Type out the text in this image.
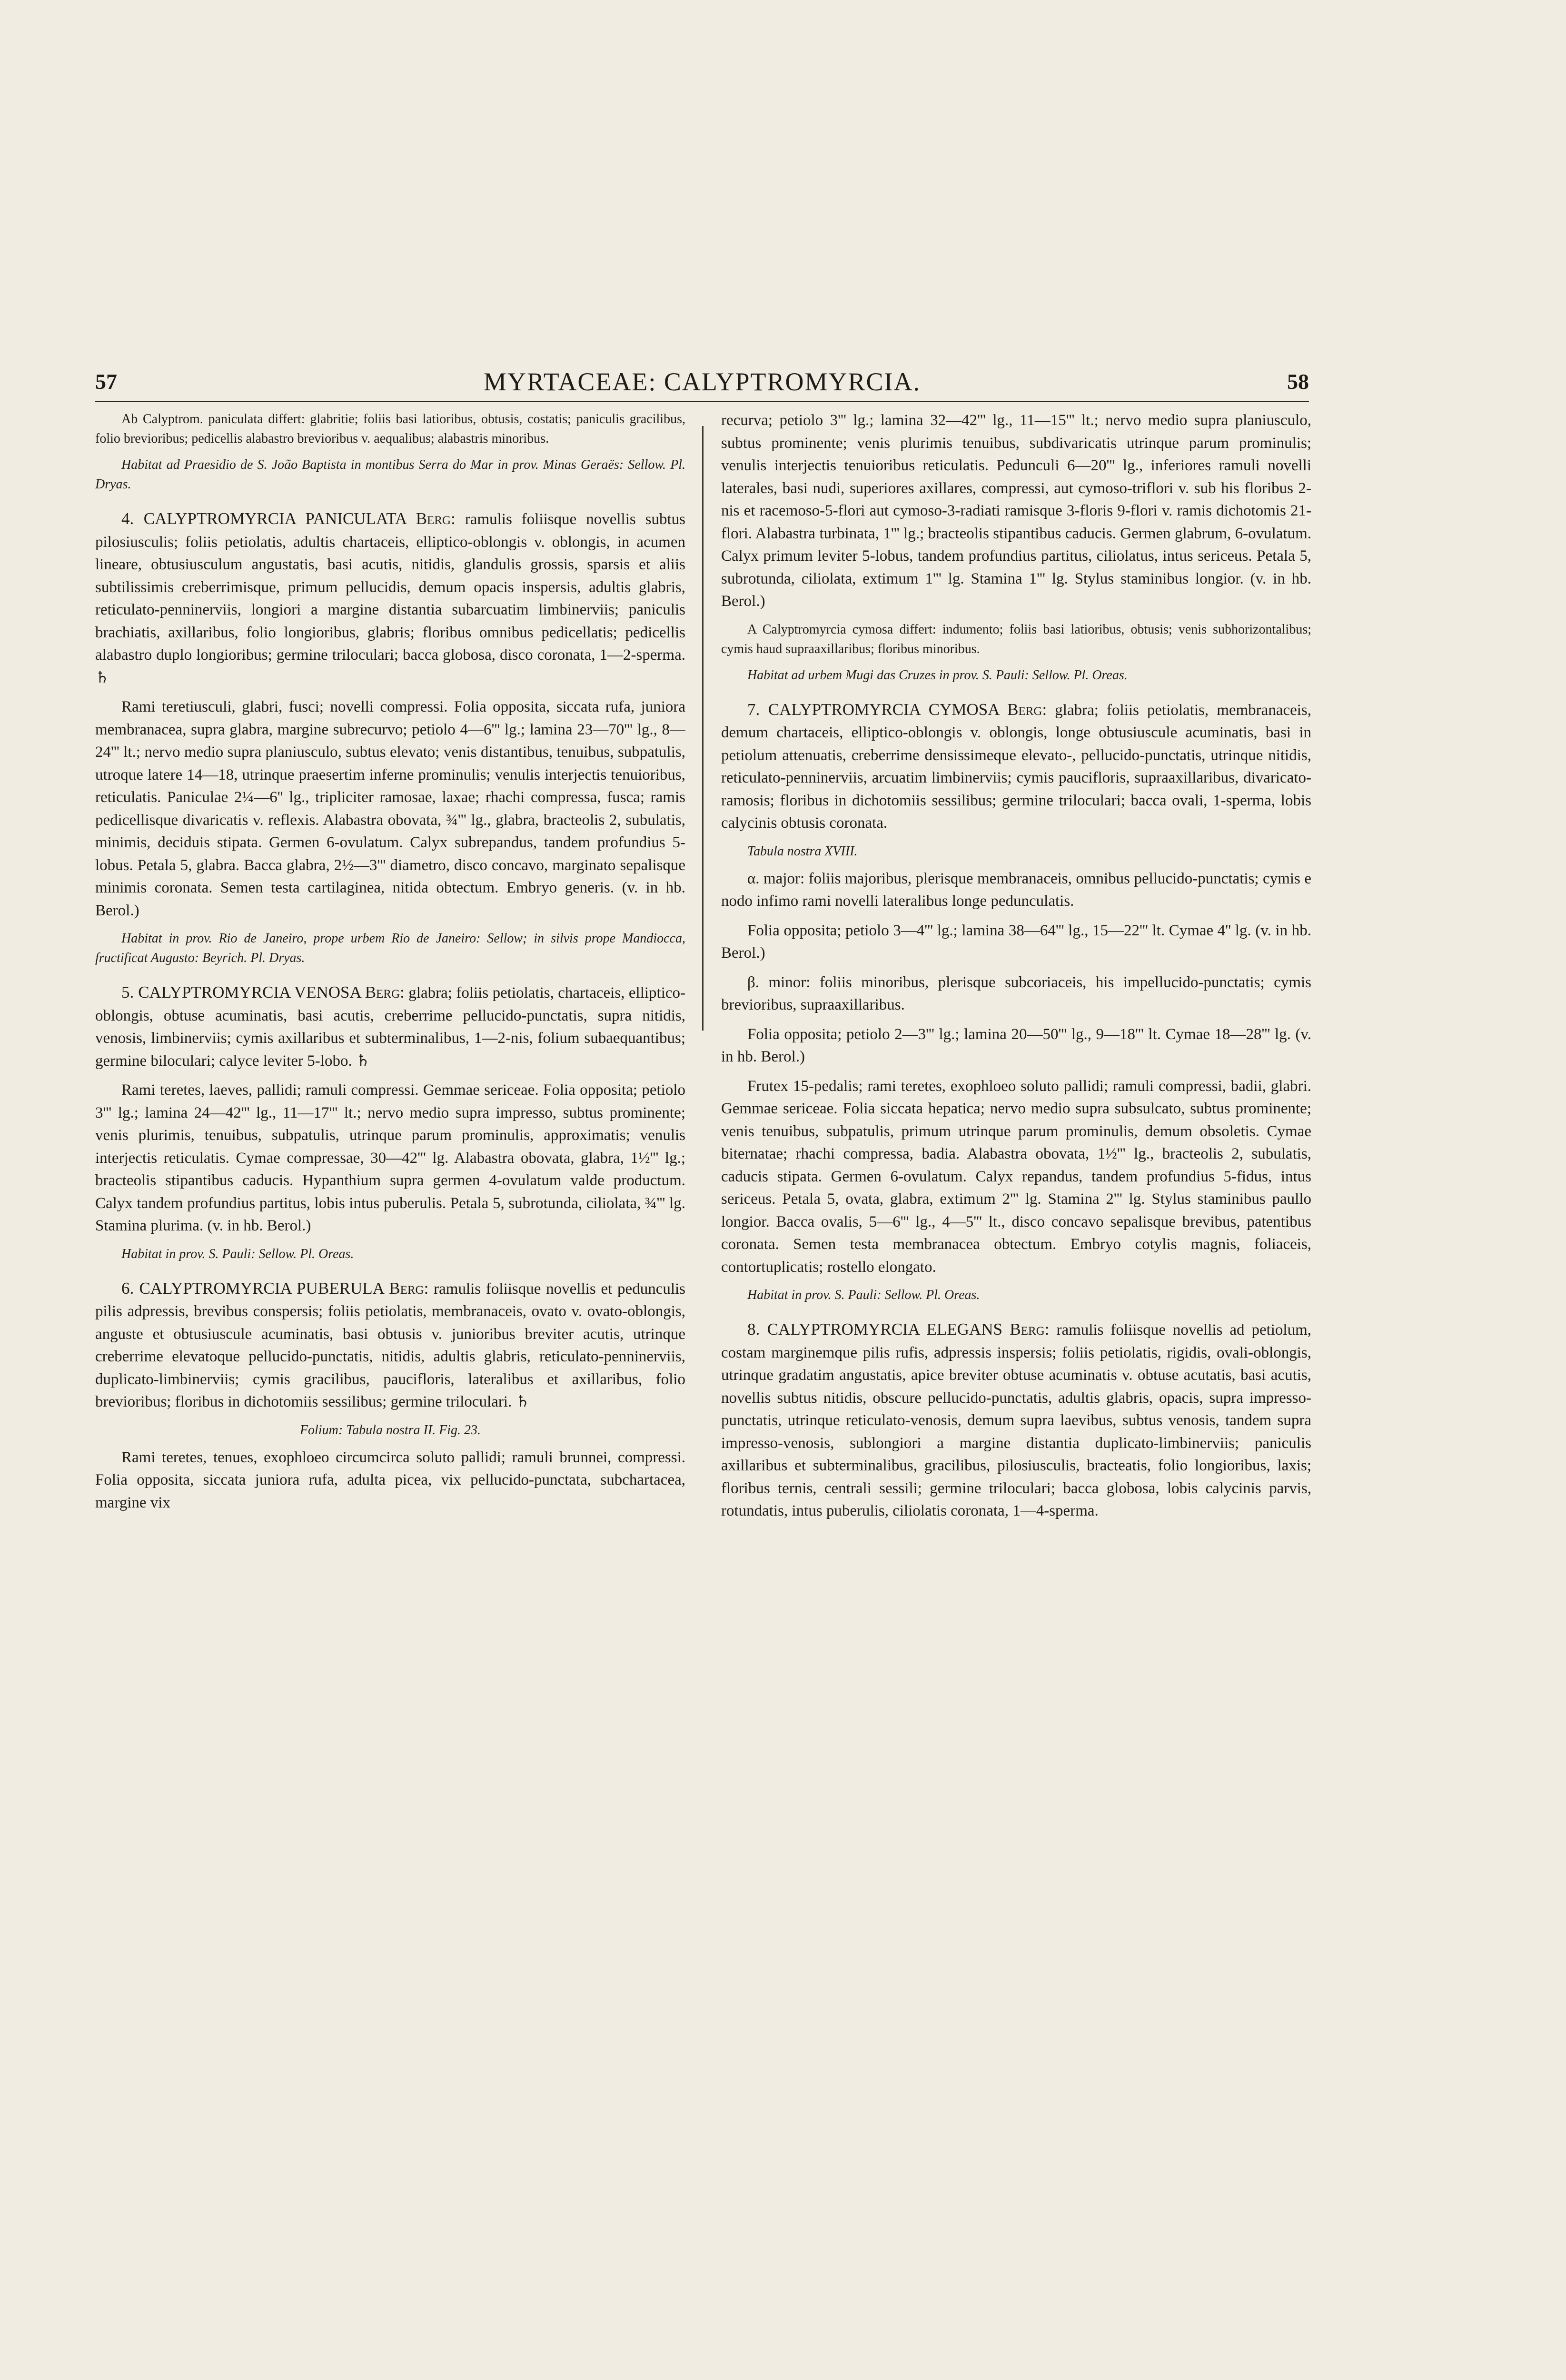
57	MYRTACEAE: CALYPTROMYRCIA.	58

Ab Calyptrom. paniculata differt: glabritie; foliis basi latioribus, obtusis, costatis; paniculis gracilibus, folio brevioribus; pedicellis alabastro brevioribus v. aequalibus; alabastris minoribus.

Habitat ad Praesidio de S. João Baptista in montibus Serra do Mar in prov. Minas Geraës: Sellow. Pl. Dryas.

4. CALYPTROMYRCIA PANICULATA Berg: ramulis foliisque novellis subtus pilosiusculis; foliis petiolatis, adultis chartaceis, elliptico-oblongis v. oblongis, in acumen lineare, obtusiusculum angustatis, basi acutis, nitidis, glandulis grossis, sparsis et aliis subtilissimis creberrimisque, primum pellucidis, demum opacis inspersis, adultis glabris, reticulato-penninerviis, longiori a margine distantia subarcuatim limbinerviis; paniculis brachiatis, axillaribus, folio longioribus, glabris; floribus omnibus pedicellatis; pedicellis alabastro duplo longioribus; germine triloculari; bacca globosa, disco coronata, 1—2-sperma. ♄

Rami teretiusculi, glabri, fusci; novelli compressi. Folia opposita, siccata rufa, juniora membranacea, supra glabra, margine subrecurvo; petiolo 4—6''' lg.; lamina 23—70''' lg., 8—24''' lt.; nervo medio supra planiusculo, subtus elevato; venis distantibus, tenuibus, subpatulis, utroque latere 14—18, utrinque praesertim inferne prominulis; venulis interjectis tenuioribus, reticulatis. Paniculae 2¼—6'' lg., tripliciter ramosae, laxae; rhachi compressa, fusca; ramis pedicellisque divaricatis v. reflexis. Alabastra obovata, ¾''' lg., glabra, bracteolis 2, subulatis, minimis, deciduis stipata. Germen 6-ovulatum. Calyx subrepandus, tandem profundius 5-lobus. Petala 5, glabra. Bacca glabra, 2½—3''' diametro, disco concavo, marginato sepalisque minimis coronata. Semen testa cartilaginea, nitida obtectum. Embryo generis. (v. in hb. Berol.)

Habitat in prov. Rio de Janeiro, prope urbem Rio de Janeiro: Sellow; in silvis prope Mandiocca, fructificat Augusto: Beyrich. Pl. Dryas.

5. CALYPTROMYRCIA VENOSA Berg: glabra; foliis petiolatis, chartaceis, elliptico-oblongis, obtuse acuminatis, basi acutis, creberrime pellucido-punctatis, supra nitidis, venosis, limbinerviis; cymis axillaribus et subterminalibus, 1—2-nis, folium subaequantibus; germine biloculari; calyce leviter 5-lobo. ♄

Rami teretes, laeves, pallidi; ramuli compressi. Gemmae sericeae. Folia opposita; petiolo 3''' lg.; lamina 24—42''' lg., 11—17''' lt.; nervo medio supra impresso, subtus prominente; venis plurimis, tenuibus, subpatulis, utrinque parum prominulis, approximatis; venulis interjectis reticulatis. Cymae compressae, 30—42''' lg. Alabastra obovata, glabra, 1½''' lg.; bracteolis stipantibus caducis. Hypanthium supra germen 4-ovulatum valde productum. Calyx tandem profundius partitus, lobis intus puberulis. Petala 5, subrotunda, ciliolata, ¾''' lg. Stamina plurima. (v. in hb. Berol.)

Habitat in prov. S. Pauli: Sellow. Pl. Oreas.

6. CALYPTROMYRCIA PUBERULA Berg: ramulis foliisque novellis et pedunculis pilis adpressis, brevibus conspersis; foliis petiolatis, membranaceis, ovato v. ovato-oblongis, anguste et obtusiuscule acuminatis, basi obtusis v. junioribus breviter acutis, utrinque creberrime elevatoque pellucido-punctatis, nitidis, adultis glabris, reticulato-penninerviis, duplicato-limbinerviis; cymis gracilibus, paucifloris, lateralibus et axillaribus, folio brevioribus; floribus in dichotomiis sessilibus; germine triloculari. ♄

Folium: Tabula nostra II. Fig. 23.

Rami teretes, tenues, exophloeo circumcirca soluto pallidi; ramuli brunnei, compressi. Folia opposita, siccata juniora rufa, adulta picea, vix pellucido-punctata, subchartacea, margine vix

recurva; petiolo 3''' lg.; lamina 32—42''' lg., 11—15''' lt.; nervo medio supra planiusculo, subtus prominente; venis plurimis tenuibus, subdivaricatis utrinque parum prominulis; venulis interjectis tenuioribus reticulatis. Pedunculi 6—20''' lg., inferiores ramuli novelli laterales, basi nudi, superiores axillares, compressi, aut cymoso-triflori v. sub his floribus 2-nis et racemoso-5-flori aut cymoso-3-radiati ramisque 3-floris 9-flori v. ramis dichotomis 21-flori. Alabastra turbinata, 1''' lg.; bracteolis stipantibus caducis. Germen glabrum, 6-ovulatum. Calyx primum leviter 5-lobus, tandem profundius partitus, ciliolatus, intus sericeus. Petala 5, subrotunda, ciliolata, extimum 1''' lg. Stamina 1''' lg. Stylus staminibus longior. (v. in hb. Berol.)

A Calyptromyrcia cymosa differt: indumento; foliis basi latioribus, obtusis; venis subhorizontalibus; cymis haud supraaxillaribus; floribus minoribus.

Habitat ad urbem Mugi das Cruzes in prov. S. Pauli: Sellow. Pl. Oreas.

7. CALYPTROMYRCIA CYMOSA Berg: glabra; foliis petiolatis, membranaceis, demum chartaceis, elliptico-oblongis v. oblongis, longe obtusiuscule acuminatis, basi in petiolum attenuatis, creberrime densissimeque elevato-, pellucido-punctatis, utrinque nitidis, reticulato-penninerviis, arcuatim limbinerviis; cymis paucifloris, supraaxillaribus, divaricato-ramosis; floribus in dichotomiis sessilibus; germine triloculari; bacca ovali, 1-sperma, lobis calycinis obtusis coronata.

Tabula nostra XVIII.

α. major: foliis majoribus, plerisque membranaceis, omnibus pellucido-punctatis; cymis e nodo infimo rami novelli lateralibus longe pedunculatis.

Folia opposita; petiolo 3—4''' lg.; lamina 38—64''' lg., 15—22''' lt. Cymae 4'' lg. (v. in hb. Berol.)

β. minor: foliis minoribus, plerisque subcoriaceis, his impellucido-punctatis; cymis brevioribus, supraaxillaribus.

Folia opposita; petiolo 2—3''' lg.; lamina 20—50''' lg., 9—18''' lt. Cymae 18—28''' lg. (v. in hb. Berol.)

Frutex 15-pedalis; rami teretes, exophloeo soluto pallidi; ramuli compressi, badii, glabri. Gemmae sericeae. Folia siccata hepatica; nervo medio supra subsulcato, subtus prominente; venis tenuibus, subpatulis, primum utrinque parum prominulis, demum obsoletis. Cymae biternatae; rhachi compressa, badia. Alabastra obovata, 1½''' lg., bracteolis 2, subulatis, caducis stipata. Germen 6-ovulatum. Calyx repandus, tandem profundius 5-fidus, intus sericeus. Petala 5, ovata, glabra, extimum 2''' lg. Stamina 2''' lg. Stylus staminibus paullo longior. Bacca ovalis, 5—6''' lg., 4—5''' lt., disco concavo sepalisque brevibus, patentibus coronata. Semen testa membranacea obtectum. Embryo cotylis magnis, foliaceis, contortuplicatis; rostello elongato.

Habitat in prov. S. Pauli: Sellow. Pl. Oreas.

8. CALYPTROMYRCIA ELEGANS Berg: ramulis foliisque novellis ad petiolum, costam marginemque pilis rufis, adpressis inspersis; foliis petiolatis, rigidis, ovali-oblongis, utrinque gradatim angustatis, apice breviter obtuse acuminatis v. obtuse acutatis, basi acutis, novellis subtus nitidis, obscure pellucido-punctatis, adultis glabris, opacis, supra impresso-punctatis, utrinque reticulato-venosis, demum supra laevibus, subtus venosis, tandem supra impresso-venosis, sublongiori a margine distantia duplicato-limbinerviis; paniculis axillaribus et subterminalibus, gracilibus, pilosiusculis, bracteatis, folio longioribus, laxis; floribus ternis, centrali sessili; germine triloculari; bacca globosa, lobis calycinis parvis, rotundatis, intus puberulis, ciliolatis coronata, 1—4-sperma.
